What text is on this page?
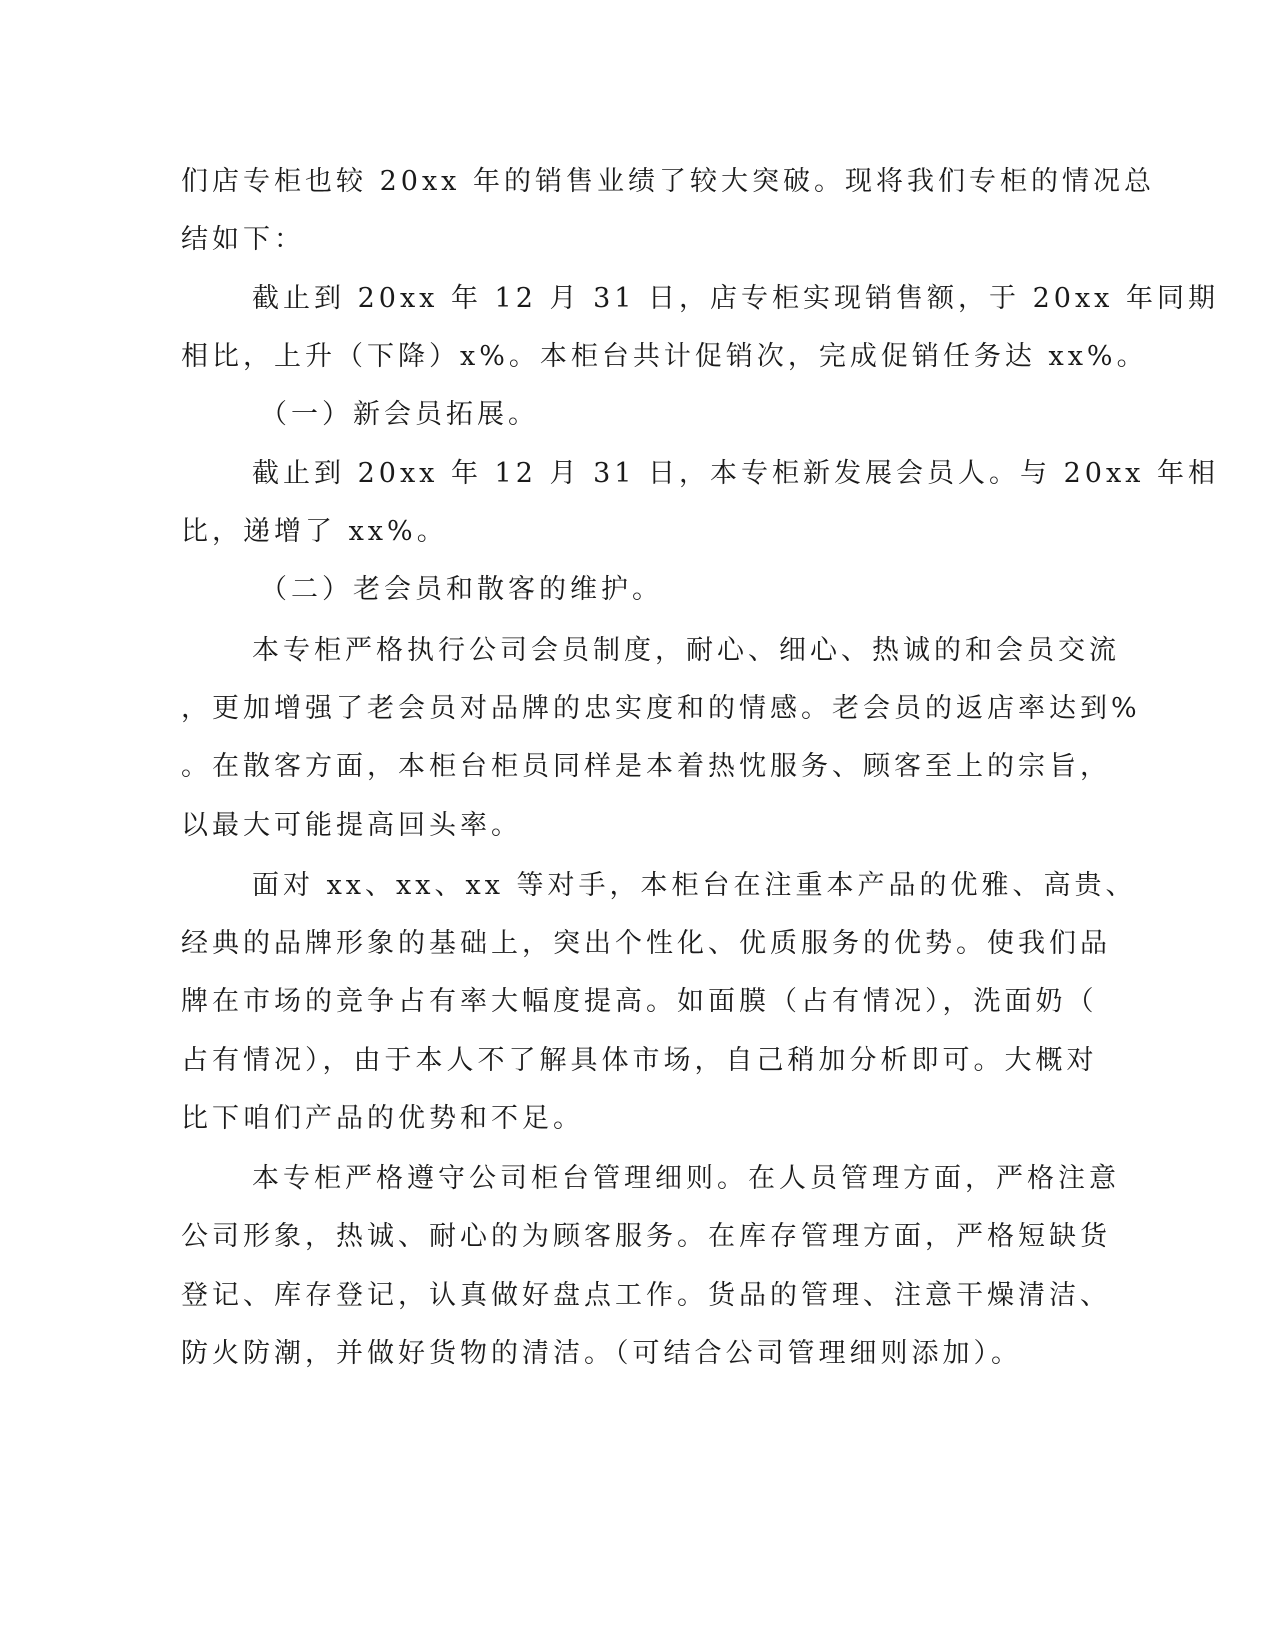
们店专柜也较 20xx 年的销售业绩了较大突破。现将我们专柜的情况总
结如下：
截止到 20xx 年 12 月 31 日，店专柜实现销售额，于 20xx 年同期
相比，上升（下降）x%。本柜台共计促销次，完成促销任务达 xx%。
（一）新会员拓展。
截止到 20xx 年 12 月 31 日，本专柜新发展会员人。与 20xx 年相
比，递增了 xx%。
（二）老会员和散客的维护。
本专柜严格执行公司会员制度，耐心、细心、热诚的和会员交流
，更加增强了老会员对品牌的忠实度和的情感。老会员的返店率达到%
。在散客方面，本柜台柜员同样是本着热忱服务、顾客至上的宗旨，
以最大可能提高回头率。
面对 xx、xx、xx 等对手，本柜台在注重本产品的优雅、高贵、
经典的品牌形象的基础上，突出个性化、优质服务的优势。使我们品
牌在市场的竞争占有率大幅度提高。如面膜（占有情况），洗面奶（
占有情况），由于本人不了解具体市场，自己稍加分析即可。大概对
比下咱们产品的优势和不足。
本专柜严格遵守公司柜台管理细则。在人员管理方面，严格注意
公司形象，热诚、耐心的为顾客服务。在库存管理方面，严格短缺货
登记、库存登记，认真做好盘点工作。货品的管理、注意干燥清洁、
防火防潮，并做好货物的清洁。（可结合公司管理细则添加）。
